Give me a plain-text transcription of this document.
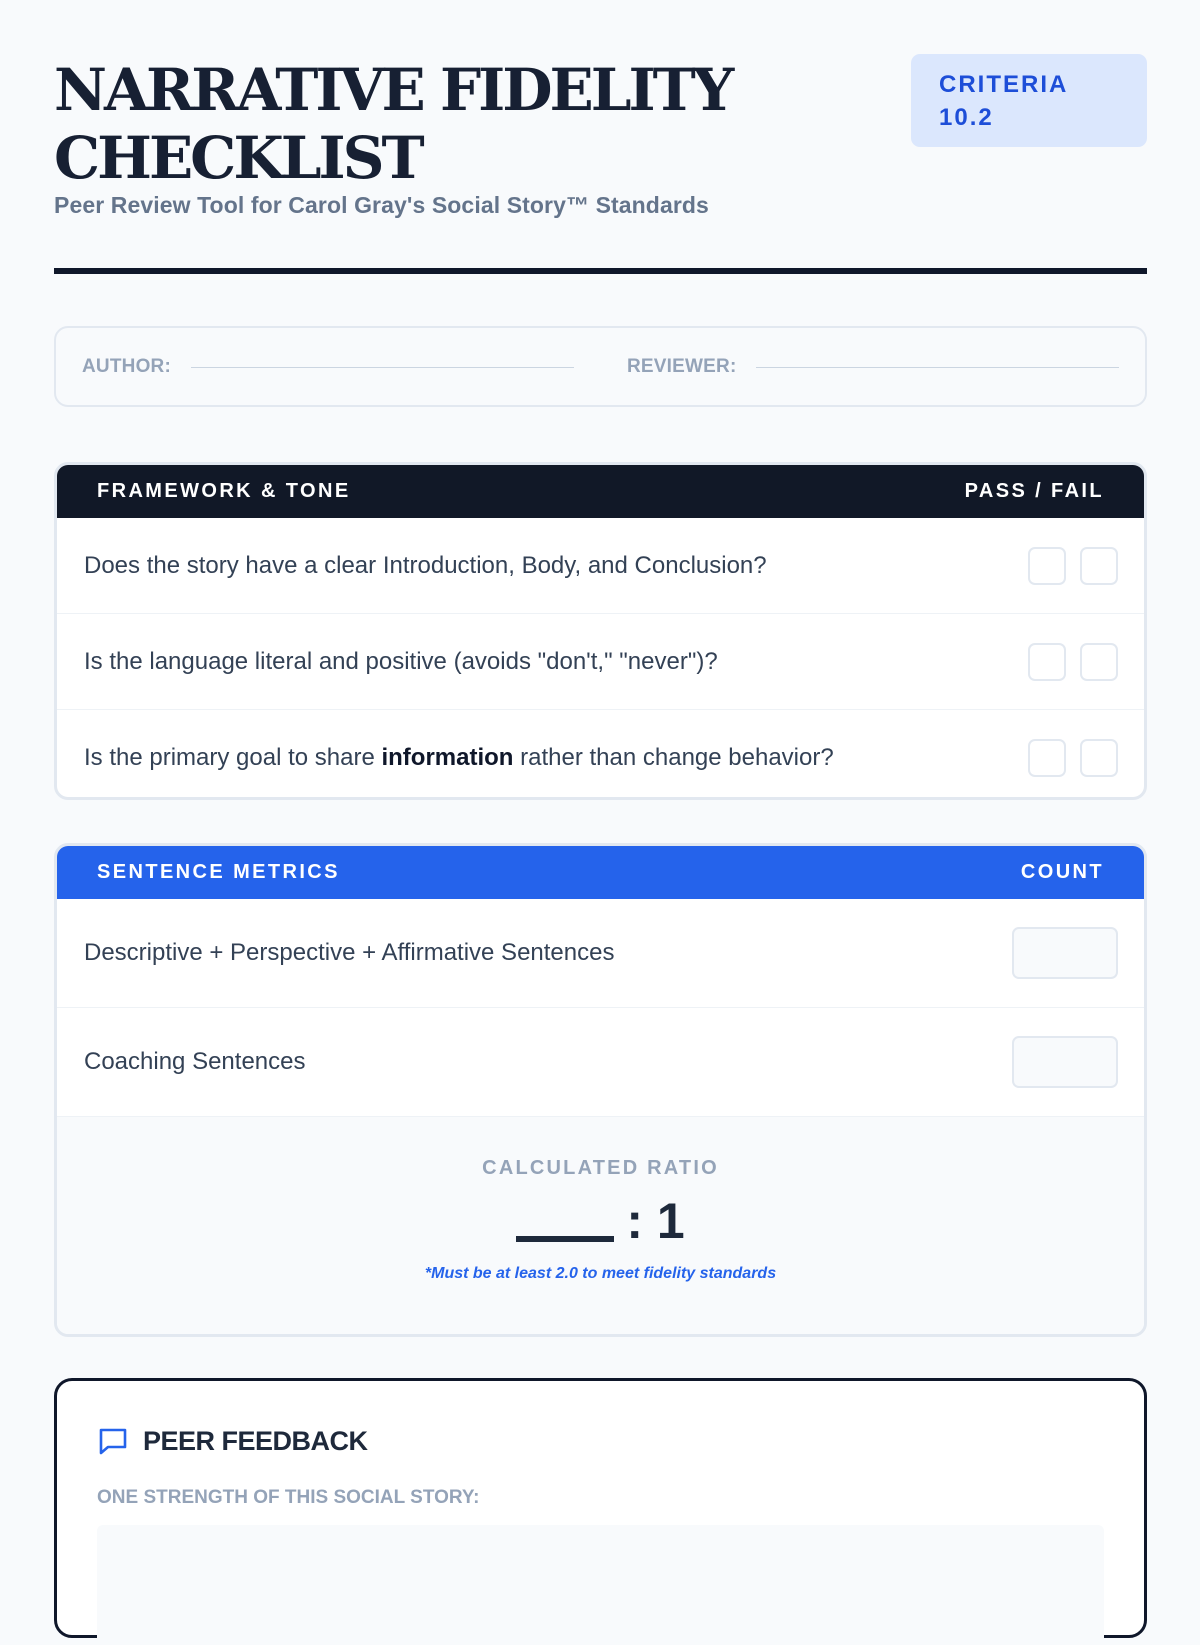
NARRATIVE FIDELITY CHECKLIST
Peer Review Tool for Carol Gray's Social Story™ Standards
CRITERIA
10.2
AUTHOR:	REVIEWER:
FRAMEWORK & TONE	PASS / FAIL
Does the story have a clear Introduction, Body, and Conclusion?
Is the language literal and positive (avoids "don't," "never")?
Is the primary goal to share information rather than change behavior?
SENTENCE METRICS	COUNT
Descriptive + Perspective + Affirmative Sentences
Coaching Sentences
CALCULATED RATIO
: 1
*Must be at least 2.0 to meet fidelity standards
PEER FEEDBACK
ONE STRENGTH OF THIS SOCIAL STORY:
